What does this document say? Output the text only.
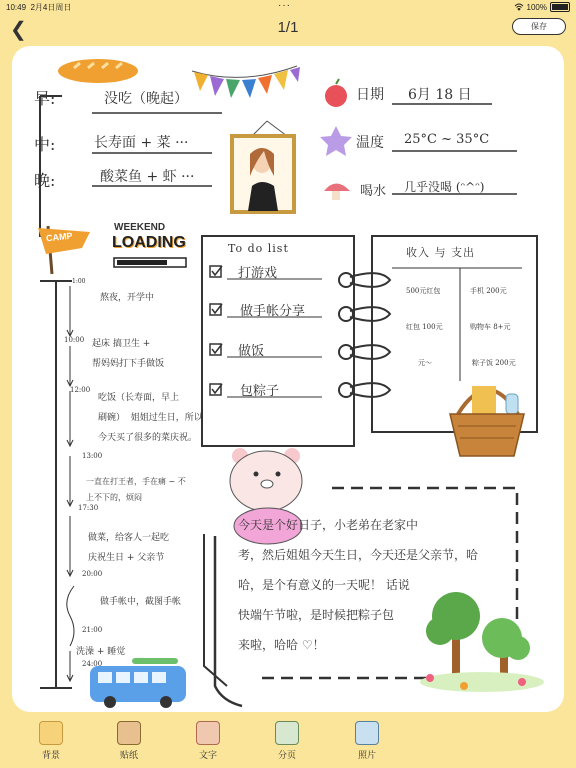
10:49 2月4日周日	···	100%
❮	1/1	保存
早:	没吃（晚起）
中:	长寿面 + 菜 ···
晚:	酸菜鱼 + 虾 ···
日期 6月 18 日
温度 25°C ~ 35°C
喝水 几乎没喝 (ᵔ^ᵔ)
CAMP
WEEKEND
LOADING
1:00
熬夜，开学中
10:00 起床 搞卫生 +
帮妈妈打下手做饭
12:00
吃饭（长寿面，早上
刷碗）  姐姐过生日，所以
今天买了很多的菜庆祝。
13:00
一直在打王者，手在痛 ~ 不
上不下的，烦闷
17:30
做菜，给客人一起吃
庆祝生日 + 父亲节
20:00
做手帐中，截图手帐
21:00
洗澡 + 睡觉
24:00
To do list
打游戏
做手帐分享
做饭
包粽子
收入 与 支出
500元红包
红包 100元
元～
手机 200元
购物车 8+元
粽子饭 200元
今天是个好日子，小老弟在老家中
考，然后姐姐今天生日，今天还是父亲节，哈
哈，是个有意义的一天呢！ 话说
快端午节啦，是时候把粽子包
来啦，哈哈 ♡！
背景	贴纸	文字	分页	照片
